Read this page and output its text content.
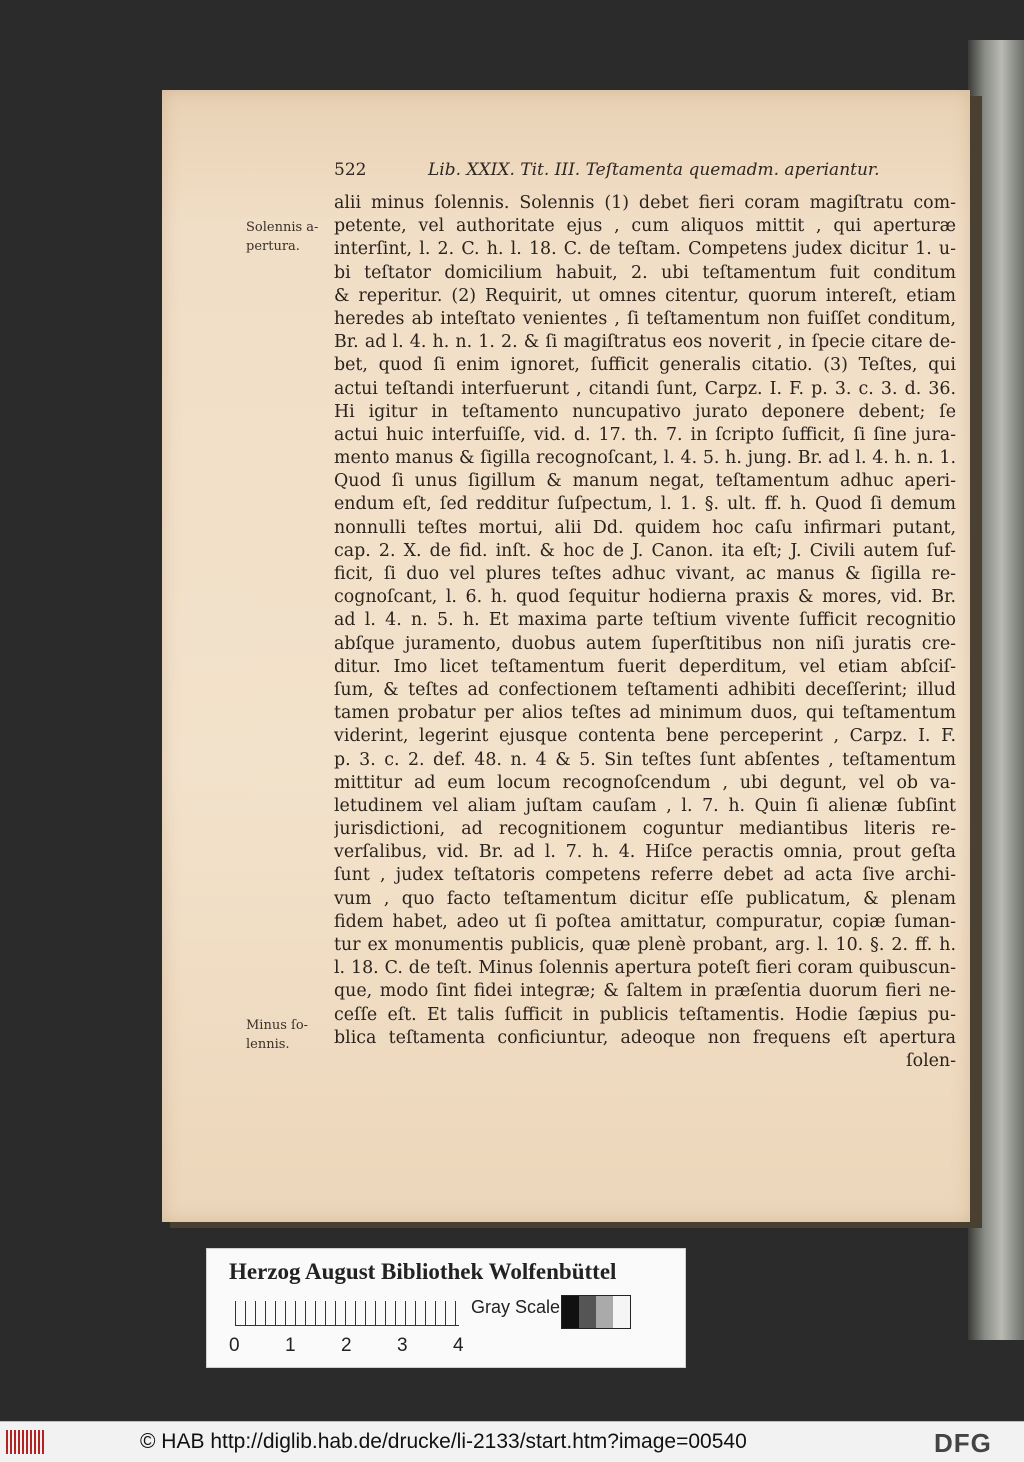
522	Lib. XXIX. Tit. III. Teſtamenta quemadm. aperiantur.
Solennis a-
pertura.
Minus ſo-
lennis.
alii minus ſolennis. Solennis (1) debet fieri coram magiſtratu com-
petente, vel authoritate ejus , cum aliquos mittit , qui aperturæ
interſint, l. 2. C. h. l. 18. C. de teſtam. Competens judex dicitur 1. u-
bi teſtator domicilium habuit, 2. ubi teſtamentum fuit conditum
& reperitur. (2) Requirit, ut omnes citentur, quorum intereſt, etiam
heredes ab inteſtato venientes , ſi teſtamentum non fuiſſet conditum,
Br. ad l. 4. h. n. 1. 2. & ſi magiſtratus eos noverit , in ſpecie citare de-
bet, quod ſi enim ignoret, ſufficit generalis citatio. (3) Teſtes, qui
actui teſtandi interfuerunt , citandi ſunt, Carpz. I. F. p. 3. c. 3. d. 36.
Hi igitur in teſtamento nuncupativo jurato deponere debent; ſe
actui huic interfuiſſe, vid. d. 17. th. 7. in ſcripto ſufficit, ſi ſine jura-
mento manus & ſigilla recognoſcant, l. 4. 5. h. jung. Br. ad l. 4. h. n. 1.
Quod ſi unus ſigillum & manum negat, teſtamentum adhuc aperi-
endum eſt, ſed redditur ſuſpectum, l. 1. §. ult. ff. h. Quod ſi demum
nonnulli teſtes mortui, alii Dd. quidem hoc caſu infirmari putant,
cap. 2. X. de fid. inſt. & hoc de J. Canon. ita eſt; J. Civili autem ſuf-
ficit, ſi duo vel plures teſtes adhuc vivant, ac manus & ſigilla re-
cognoſcant, l. 6. h. quod ſequitur hodierna praxis & mores, vid. Br.
ad l. 4. n. 5. h. Et maxima parte teſtium vivente ſufficit recognitio
abſque juramento, duobus autem ſuperſtitibus non niſi juratis cre-
ditur. Imo licet teſtamentum fuerit deperditum, vel etiam abſciſ-
ſum, & teſtes ad confectionem teſtamenti adhibiti deceſſerint; illud
tamen probatur per alios teſtes ad minimum duos, qui teſtamentum
viderint, legerint ejusque contenta bene perceperint , Carpz. I. F.
p. 3. c. 2. def. 48. n. 4 & 5. Sin teſtes ſunt abſentes , teſtamentum
mittitur ad eum locum recognoſcendum , ubi degunt, vel ob va-
letudinem vel aliam juſtam cauſam , l. 7. h. Quin ſi alienæ ſubſint
jurisdictioni, ad recognitionem coguntur mediantibus literis re-
verſalibus, vid. Br. ad l. 7. h. 4. Hiſce peractis omnia, prout geſta
ſunt , judex teſtatoris competens referre debet ad acta ſive archi-
vum , quo facto teſtamentum dicitur eſſe publicatum, & plenam
fidem habet, adeo ut ſi poſtea amittatur, compuratur, copiæ ſuman-
tur ex monumentis publicis, quæ plenè probant, arg. l. 10. §. 2. ff. h.
l. 18. C. de teſt. Minus ſolennis apertura poteſt fieri coram quibuscun-
que, modo ſint fidei integræ; & ſaltem in præſentia duorum fieri ne-
ceſſe eſt. Et talis ſufficit in publicis teſtamentis. Hodie ſæpius pu-
blica teſtamenta conficiuntur, adeoque non frequens eſt apertura
ſolen-
Herzog August Bibliothek Wolfenbüttel
0 1 2 3 4
Gray Scale
© HAB http://diglib.hab.de/drucke/li-2133/start.htm?image=00540	DFG
